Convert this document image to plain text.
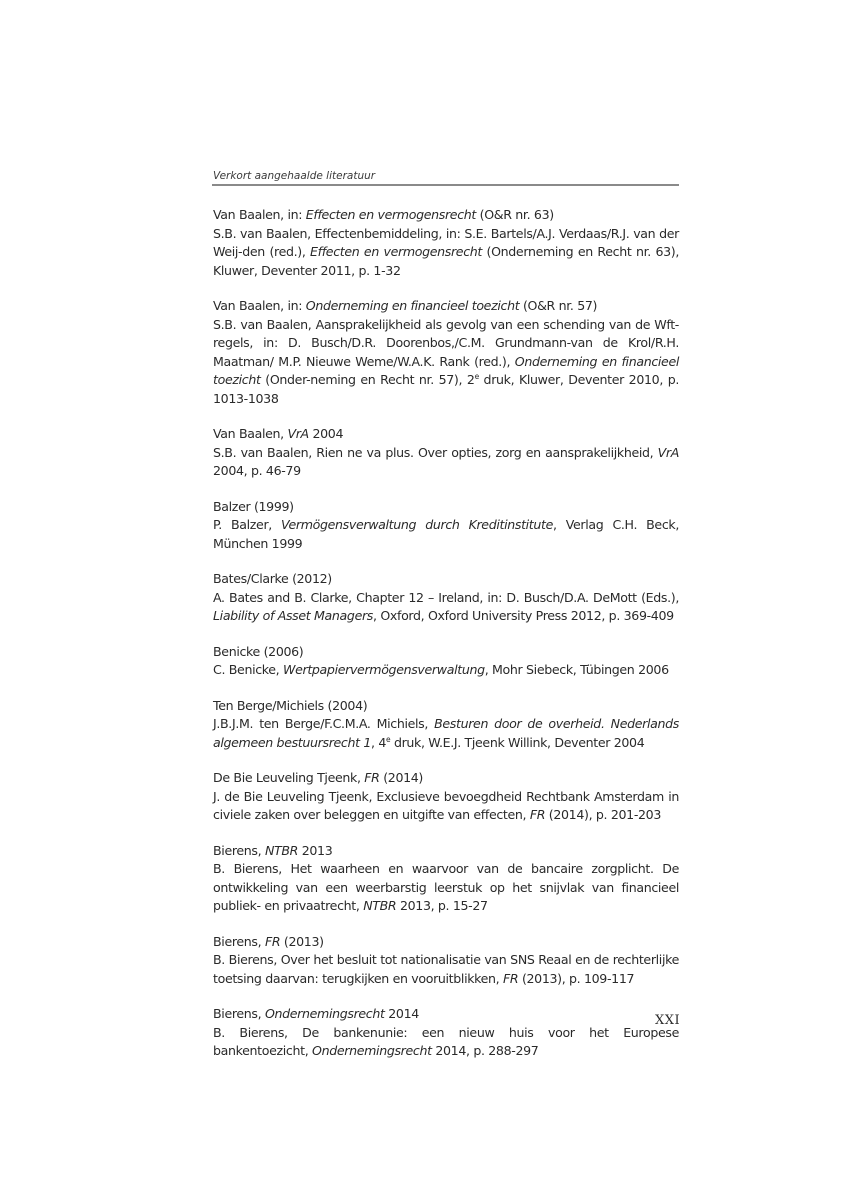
Verkort aangehaalde literatuur
Van Baalen, in: Effecten en vermogensrecht (O&R nr. 63)
S.B. van Baalen, Effectenbemiddeling, in: S.E. Bartels/A.J. Verdaas/R.J. van der Weij-den (red.), Effecten en vermogensrecht (Onderneming en Recht nr. 63), Kluwer, Deventer 2011, p. 1-32
Van Baalen, in: Onderneming en financieel toezicht (O&R nr. 57)
S.B. van Baalen, Aansprakelijkheid als gevolg van een schending van de Wft-regels, in: D. Busch/D.R. Doorenbos,/C.M. Grundmann-van de Krol/R.H. Maatman/ M.P. Nieuwe Weme/W.A.K. Rank (red.), Onderneming en financieel toezicht (Onder-neming en Recht nr. 57), 2e druk, Kluwer, Deventer 2010, p. 1013-1038
Van Baalen, VrA 2004
S.B. van Baalen, Rien ne va plus. Over opties, zorg en aansprakelijkheid, VrA 2004, p. 46-79
Balzer (1999)
P. Balzer, Vermögensverwaltung durch Kreditinstitute, Verlag C.H. Beck, München 1999
Bates/Clarke (2012)
A. Bates and B. Clarke, Chapter 12 – Ireland, in: D. Busch/D.A. DeMott (Eds.), Liability of Asset Managers, Oxford, Oxford University Press 2012, p. 369-409
Benicke (2006)
C. Benicke, Wertpapiervermögensverwaltung, Mohr Siebeck, Tübingen 2006
Ten Berge/Michiels (2004)
J.B.J.M. ten Berge/F.C.M.A. Michiels, Besturen door de overheid. Nederlands algemeen bestuursrecht 1, 4e druk, W.E.J. Tjeenk Willink, Deventer 2004
De Bie Leuveling Tjeenk, FR (2014)
J. de Bie Leuveling Tjeenk, Exclusieve bevoegdheid Rechtbank Amsterdam in civiele zaken over beleggen en uitgifte van effecten, FR (2014), p. 201-203
Bierens, NTBR 2013
B. Bierens, Het waarheen en waarvoor van de bancaire zorgplicht. De ontwikkeling van een weerbarstig leerstuk op het snijvlak van financieel publiek- en privaatrecht, NTBR 2013, p. 15-27
Bierens, FR (2013)
B. Bierens, Over het besluit tot nationalisatie van SNS Reaal en de rechterlijke toetsing daarvan: terugkijken en vooruitblikken, FR (2013), p. 109-117
Bierens, Ondernemingsrecht 2014
B. Bierens, De bankenunie: een nieuw huis voor het Europese bankentoezicht, Ondernemingsrecht 2014, p. 288-297
XXI
